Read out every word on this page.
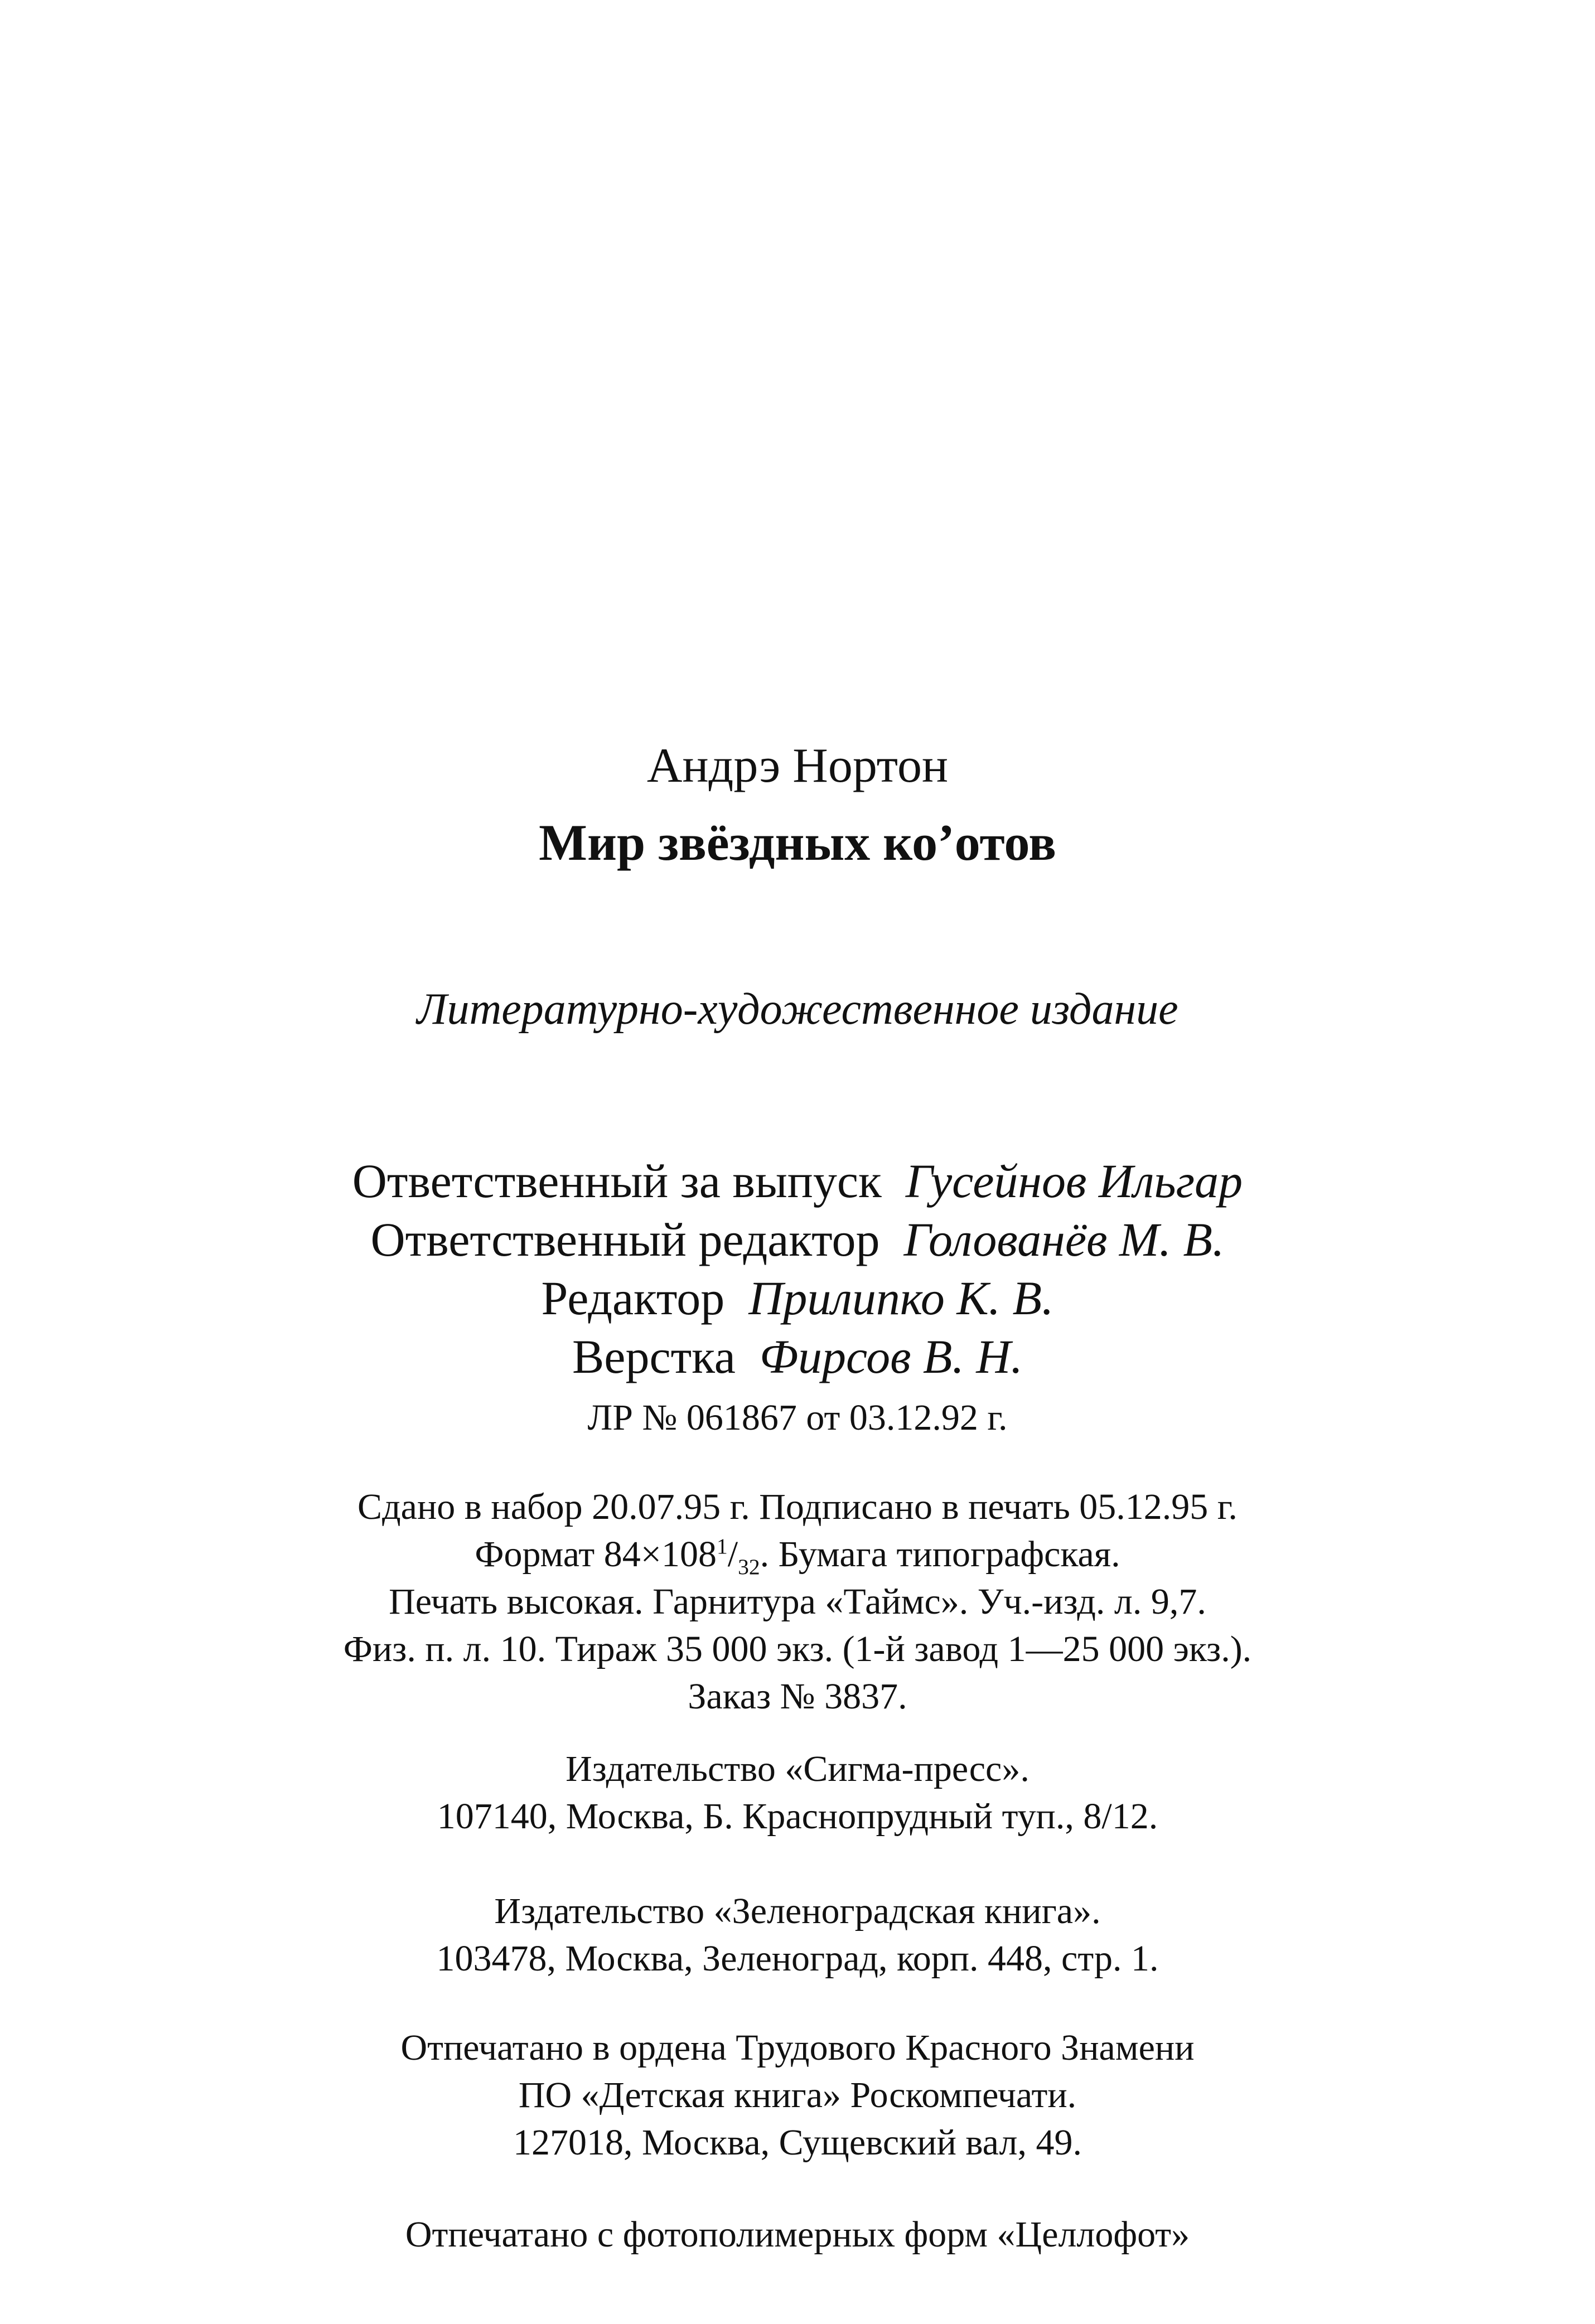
Андрэ Нортон
Мир звёздных ко’отов
Литературно-художественное издание
Ответственный за выпуск Гусейнов Ильгар
Ответственный редактор Голованёв М. В.
Редактор Прилипко К. В.
Верстка Фирсов В. Н.
ЛР № 061867 от 03.12.92 г.
Сдано в набор 20.07.95 г. Подписано в печать 05.12.95 г.
Формат $84\times 108^1/_{32}$. Бумага типографская.
Печать высокая. Гарнитура «Таймс». Уч.-изд. л. 9,7.
Физ. п. л. 10. Тираж 35 000 экз. (1-й завод 1—25 000 экз.).
Заказ № 3837.
Издательство «Сигма-пресс».
107140, Москва, Б. Краснопрудный туп., 8/12.
Издательство «Зеленоградская книга».
103478, Москва, Зеленоград, корп. 448, стр. 1.
Отпечатано в ордена Трудового Красного Знамени
ПО «Детская книга» Роскомпечати.
127018, Москва, Сущевский вал, 49.
Отпечатано с фотополимерных форм «Целлофот»
